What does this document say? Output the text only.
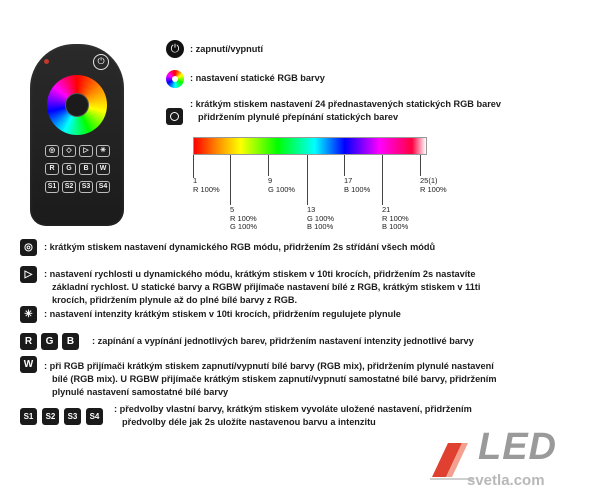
⏻
◎	◇	▷	✳
R	G	B	W
S1	S2	S3	S4
⏻	: zapnutí/vypnutí
: nastavení statické RGB barvy
: krátkým stiskem nastavení 24 přednastavených statických RGB barev
přidržením plynulé přepínání statických barev
1
R 100%
5
R 100%
G 100%
9
G 100%
13
G 100%
B 100%
17
B 100%
21
R 100%
B 100%
25(1)
R 100%
◎	: krátkým stiskem nastavení dynamického RGB módu, přidržením 2s střídání všech módů
▷	: nastavení rychlosti u dynamického módu, krátkým stiskem v 10ti krocích, přidržením 2s nastavíte
základní rychlost. U statické barvy a RGBW přijímače nastavení bílé z RGB, krátkým stiskem v 11ti
krocích, přidržením plynule až do plné bílé barvy z RGB.
✳	: nastavení intenzity krátkým stiskem v 10ti krocích, přidržením regulujete plynule
R	G	B	: zapínání a vypínání jednotlivých barev, přidržením nastavení intenzity jednotlivé barvy
W	: při RGB přijímači krátkým stiskem zapnutí/vypnutí bílé barvy (RGB mix), přidržením plynulé nastavení
bílé (RGB mix). U RGBW přijímače krátkým stiskem zapnutí/vypnutí samostatné bílé barvy, přidržením
plynulé nastavení samostatné bílé barvy
S1	S2	S3	S4
: předvolby vlastní barvy, krátkým stiskem vyvoláte uložené nastavení, přidržením
předvolby déle jak 2s uložíte nastavenou barvu a intenzitu
LED
svetla.com
